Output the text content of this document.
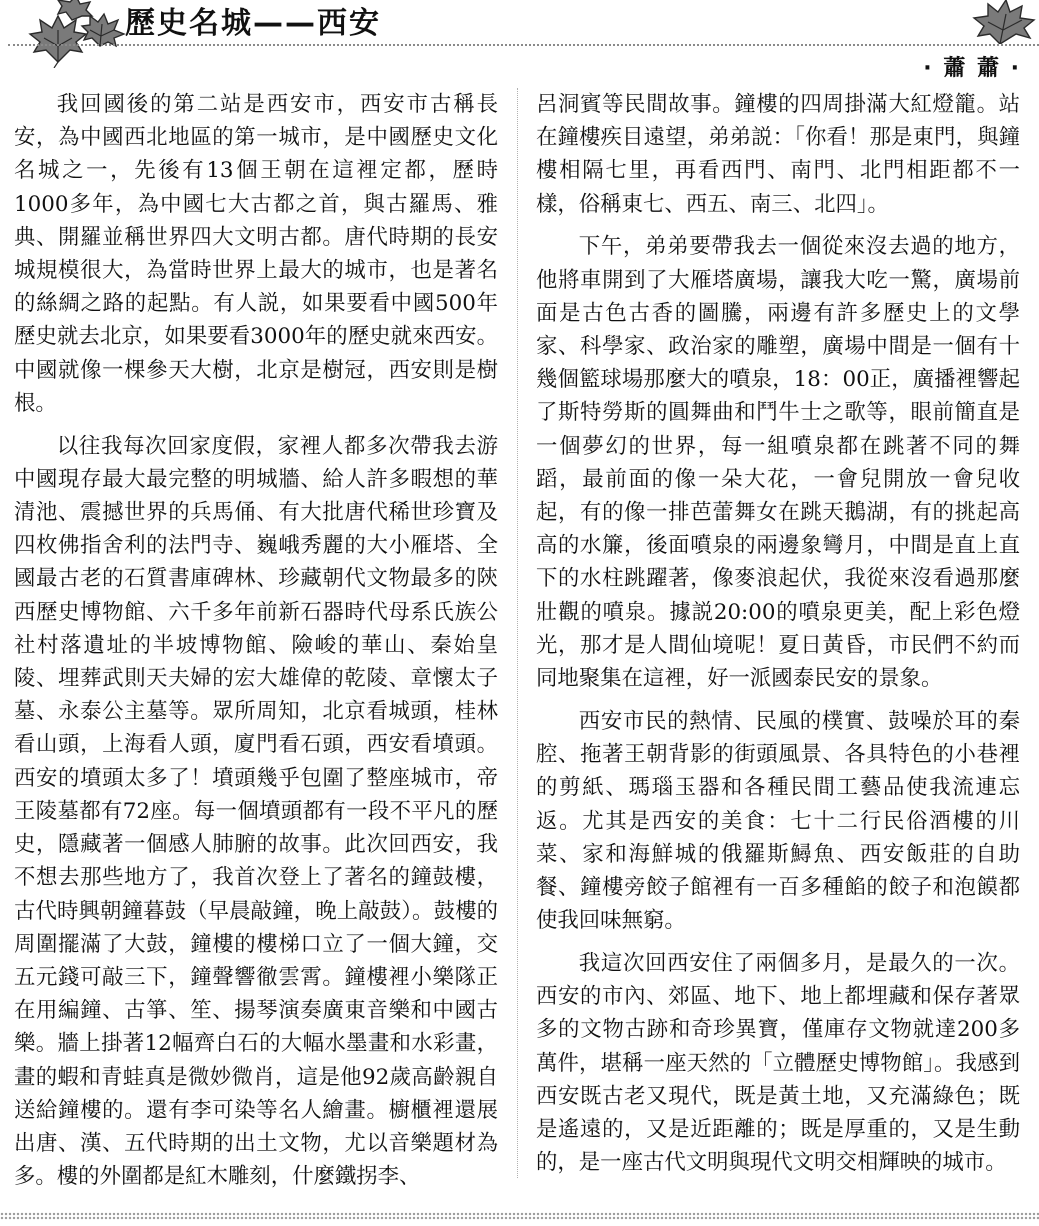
歷史名城——西安
· 蕭 蕭 ·

我回國後的第二站是西安市，西安市古稱長安，為中國西北地區的第一城市，是中國歷史文化名城之一，先後有13個王朝在這裡定都，歷時1000多年，為中國七大古都之首，與古羅馬、雅典、開羅並稱世界四大文明古都。唐代時期的長安城規模很大，為當時世界上最大的城市，也是著名的絲綢之路的起點。有人説，如果要看中國500年歷史就去北京，如果要看3000年的歷史就來西安。中國就像一棵參天大樹，北京是樹冠，西安則是樹根。

以往我每次回家度假，家裡人都多次帶我去游中國現存最大最完整的明城牆、給人許多暇想的華清池、震撼世界的兵馬俑、有大批唐代稀世珍寶及四枚佛指舍利的法門寺、巍峨秀麗的大小雁塔、全國最古老的石質書庫碑林、珍藏朝代文物最多的陝西歷史博物館、六千多年前新石器時代母系氏族公社村落遺址的半坡博物館、險峻的華山、秦始皇陵、埋葬武則天夫婦的宏大雄偉的乾陵、章懷太子墓、永泰公主墓等。眾所周知，北京看城頭，桂林看山頭，上海看人頭，廈門看石頭，西安看墳頭。西安的墳頭太多了！墳頭幾乎包圍了整座城市，帝王陵墓都有72座。每一個墳頭都有一段不平凡的歷史，隱藏著一個感人肺腑的故事。此次回西安，我不想去那些地方了，我首次登上了著名的鐘鼓樓，古代時興朝鐘暮鼓（早晨敲鐘，晚上敲鼓）。鼓樓的周圍擺滿了大鼓，鐘樓的樓梯口立了一個大鐘，交五元錢可敲三下，鐘聲響徹雲霄。鐘樓裡小樂隊正在用編鐘、古箏、笙、揚琴演奏廣東音樂和中國古樂。牆上掛著12幅齊白石的大幅水墨畫和水彩畫，畫的蝦和青蛙真是微妙微肖，這是他92歲高齡親自送給鐘樓的。還有李可染等名人繪畫。櫥櫃裡還展出唐、漢、五代時期的出土文物，尤以音樂題材為多。樓的外圍都是紅木雕刻，什麼鐵拐李、

呂洞賓等民間故事。鐘樓的四周掛滿大紅燈籠。站在鐘樓疾目遠望，弟弟説：「你看！那是東門，與鐘樓相隔七里，再看西門、南門、北門相距都不一樣，俗稱東七、西五、南三、北四」。

下午，弟弟要帶我去一個從來沒去過的地方，他將車開到了大雁塔廣場，讓我大吃一驚，廣場前面是古色古香的圖騰，兩邊有許多歷史上的文學家、科學家、政治家的雕塑，廣場中間是一個有十幾個籃球場那麼大的噴泉，18：00正，廣播裡響起了斯特勞斯的圓舞曲和鬥牛士之歌等，眼前簡直是一個夢幻的世界，每一組噴泉都在跳著不同的舞蹈，最前面的像一朵大花，一會兒開放一會兒收起，有的像一排芭蕾舞女在跳天鵝湖，有的挑起高高的水簾，後面噴泉的兩邊象彎月，中間是直上直下的水柱跳躍著，像麥浪起伏，我從來沒看過那麼壯觀的噴泉。據説20:00的噴泉更美，配上彩色燈光，那才是人間仙境呢！夏日黃昏，市民們不約而同地聚集在這裡，好一派國泰民安的景象。

西安市民的熱情、民風的樸實、鼓噪於耳的秦腔、拖著王朝背影的街頭風景、各具特色的小巷裡的剪紙、瑪瑙玉器和各種民間工藝品使我流連忘返。尤其是西安的美食：七十二行民俗酒樓的川菜、家和海鮮城的俄羅斯鱘魚、西安飯莊的自助餐、鐘樓旁餃子館裡有一百多種餡的餃子和泡饃都使我回味無窮。

我這次回西安住了兩個多月，是最久的一次。西安的市內、郊區、地下、地上都埋藏和保存著眾多的文物古跡和奇珍異寶，僅庫存文物就達200多萬件，堪稱一座天然的「立體歷史博物館」。我感到西安既古老又現代，既是黃土地，又充滿綠色；既是遙遠的，又是近距離的；既是厚重的，又是生動的，是一座古代文明與現代文明交相輝映的城市。
